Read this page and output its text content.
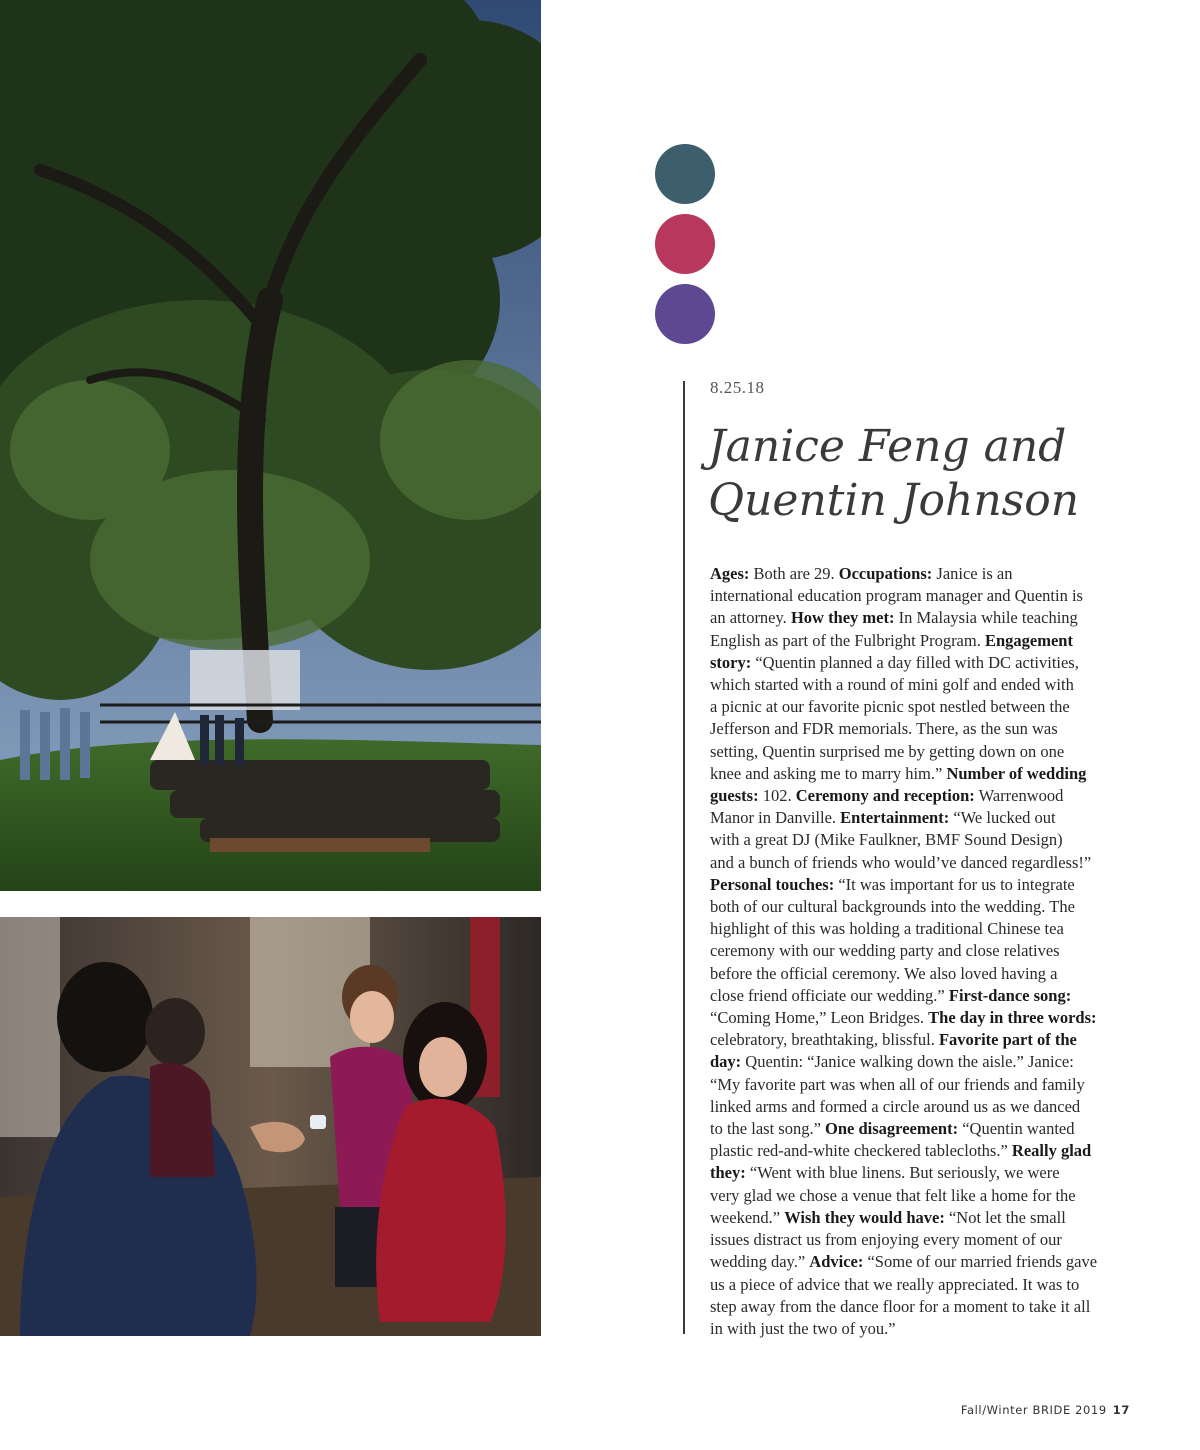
8.25.18
Janice Feng and
Quentin Johnson
Ages: Both are 29. Occupations: Janice is an
international education program manager and Quentin is
an attorney. How they met: In Malaysia while teaching
English as part of the Fulbright Program. Engagement
story: “Quentin planned a day filled with DC activities,
which started with a round of mini golf and ended with
a picnic at our favorite picnic spot nestled between the
Jefferson and FDR memorials. There, as the sun was
setting, Quentin surprised me by getting down on one
knee and asking me to marry him.” Number of wedding
guests: 102. Ceremony and reception: Warrenwood
Manor in Danville. Entertainment: “We lucked out
with a great DJ (Mike Faulkner, BMF Sound Design)
and a bunch of friends who would’ve danced regardless!”
Personal touches: “It was important for us to integrate
both of our cultural backgrounds into the wedding. The
highlight of this was holding a traditional Chinese tea
ceremony with our wedding party and close relatives
before the official ceremony. We also loved having a
close friend officiate our wedding.” First-dance song:
“Coming Home,” Leon Bridges. The day in three words:
celebratory, breathtaking, blissful. Favorite part of the
day: Quentin: “Janice walking down the aisle.” Janice:
“My favorite part was when all of our friends and family
linked arms and formed a circle around us as we danced
to the last song.” One disagreement: “Quentin wanted
plastic red-and-white checkered tablecloths.” Really glad
they: “Went with blue linens. But seriously, we were
very glad we chose a venue that felt like a home for the
weekend.” Wish they would have: “Not let the small
issues distract us from enjoying every moment of our
wedding day.” Advice: “Some of our married friends gave
us a piece of advice that we really appreciated. It was to
step away from the dance floor for a moment to take it all
in with just the two of you.”
Fall/Winter BRIDE 2019 17
